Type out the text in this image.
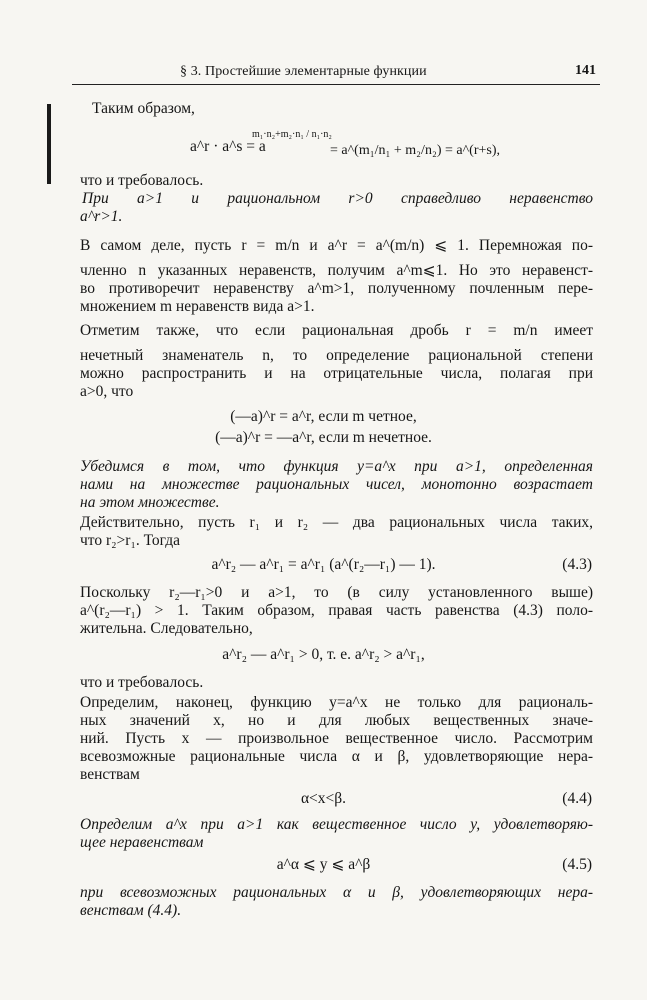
§ 3. Простейшие элементарные функции	141
Таким образом,
a^r · a^s = a
m₁·n₂+m₂·n₁ / n₁·n₂
= a^(m₁/n₁ + m₂/n₂) = a^(r+s),
что и требовалось.
При a>1 и рациональном r>0 справедливо неравенство
a^r>1.
В самом деле, пусть r = m/n и a^r = a^(m/n) ⩽ 1. Перемножая по-
членно n указанных неравенств, получим a^m⩽1. Но это неравенст-
во противоречит неравенству a^m>1, полученному почленным пере-
множением m неравенств вида a>1.
Отметим также, что если рациональная дробь r = m/n имеет
нечетный знаменатель n, то определение рациональной степени
можно распространить и на отрицательные числа, полагая при
a>0, что
(—a)^r = a^r, если m четное,
(—a)^r = —a^r, если m нечетное.
Убедимся в том, что функция y=a^x при a>1, определенная
нами на множестве рациональных чисел, монотонно возрастает
на этом множестве.
Действительно, пусть r₁ и r₂ — два рациональных числа таких,
что r₂>r₁. Тогда
a^r₂ — a^r₁ = a^r₁ (a^(r₂—r₁) — 1).	(4.3)
Поскольку r₂—r₁>0 и a>1, то (в силу установленного выше)
a^(r₂—r₁) > 1. Таким образом, правая часть равенства (4.3) поло-
жительна. Следовательно,
a^r₂ — a^r₁ > 0, т. е. a^r₂ > a^r₁,
что и требовалось.
Определим, наконец, функцию y=a^x не только для рациональ-
ных значений x, но и для любых вещественных значе-
ний. Пусть x — произвольное вещественное число. Рассмотрим
всевозможные рациональные числа α и β, удовлетворяющие нера-
венствам
α<x<β.	(4.4)
Определим a^x при a>1 как вещественное число y, удовлетворяю-
щее неравенствам
a^α ⩽ y ⩽ a^β	(4.5)
при всевозможных рациональных α и β, удовлетворяющих нера-
венствам (4.4).
